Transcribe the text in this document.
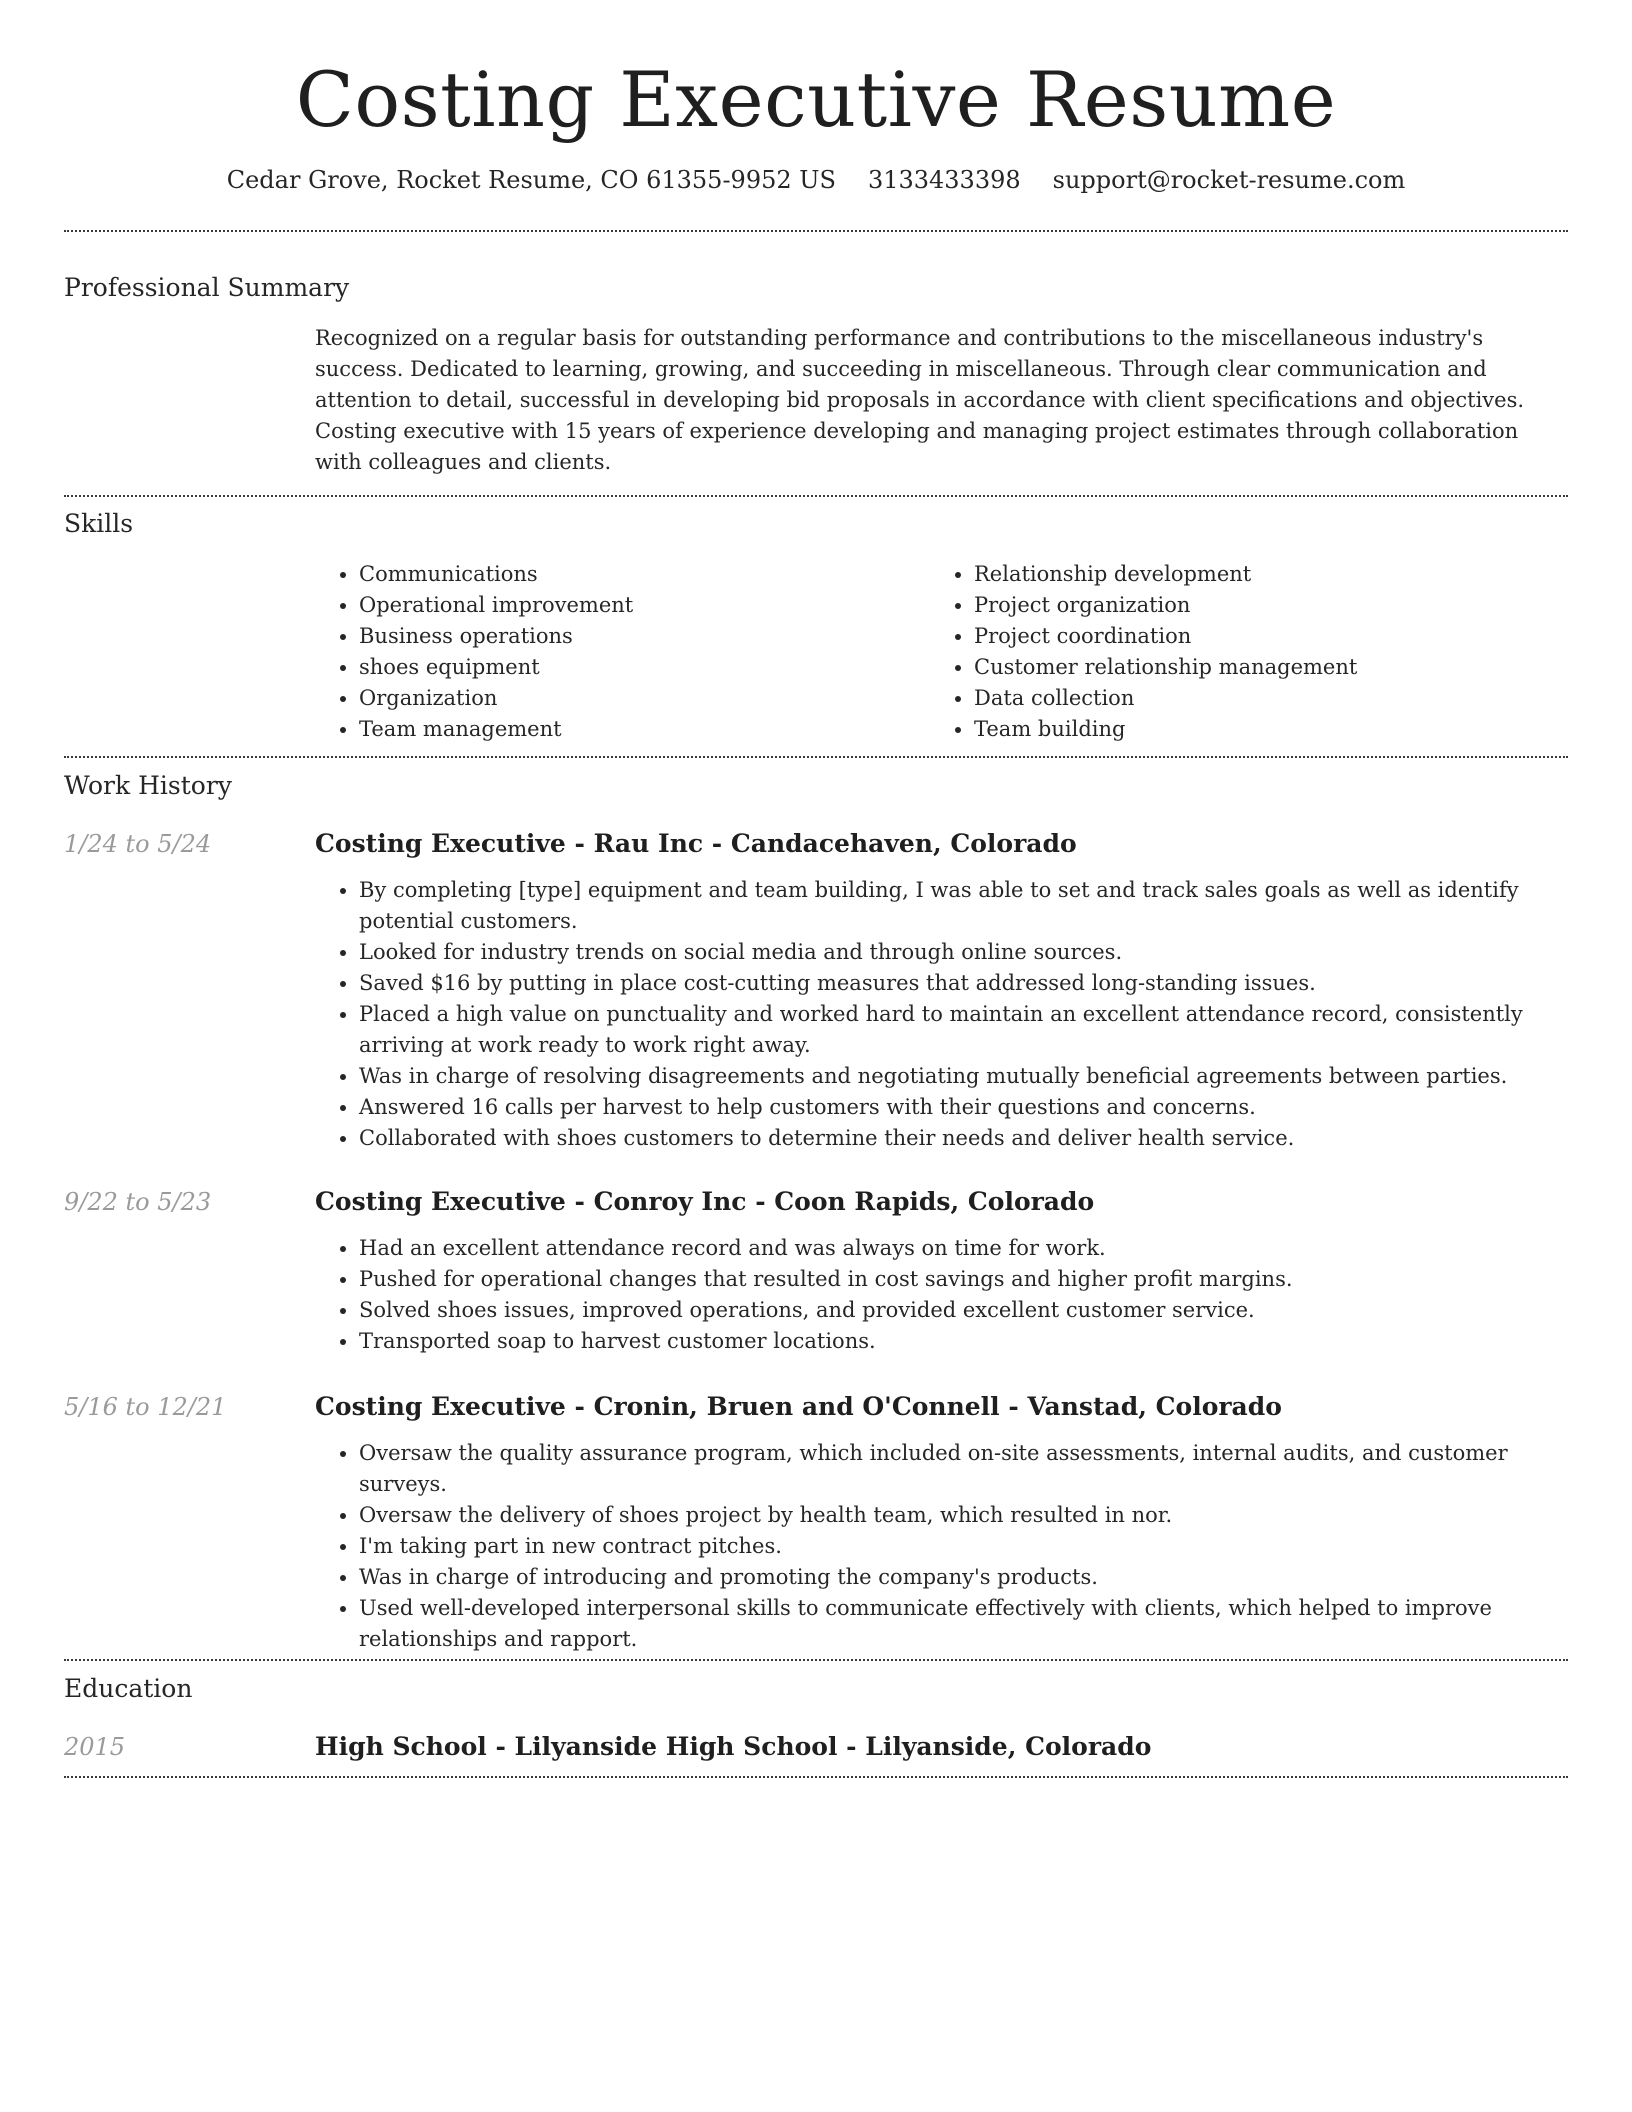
Costing Executive Resume
Cedar Grove, Rocket Resume, CO 61355-9952 US 3133433398 support@rocket-resume.com
Professional Summary

Recognized on a regular basis for outstanding performance and contributions to the miscellaneous industry's success. Dedicated to learning, growing, and succeeding in miscellaneous. Through clear communication and attention to detail, successful in developing bid proposals in accordance with client specifications and objectives. Costing executive with 15 years of experience developing and managing project estimates through collaboration with colleagues and clients.

Skills
• Communications
• Operational improvement
• Business operations
• shoes equipment
• Organization
• Team management
• Relationship development
• Project organization
• Project coordination
• Customer relationship management
• Data collection
• Team building
Work History
1/24 to 5/24	Costing Executive - Rau Inc - Candacehaven, Colorado
• By completing [type] equipment and team building, I was able to set and track sales goals as well as identify potential customers.
• Looked for industry trends on social media and through online sources.
• Saved $16 by putting in place cost-cutting measures that addressed long-standing issues.
• Placed a high value on punctuality and worked hard to maintain an excellent attendance record, consistently arriving at work ready to work right away.
• Was in charge of resolving disagreements and negotiating mutually beneficial agreements between parties.
• Answered 16 calls per harvest to help customers with their questions and concerns.
• Collaborated with shoes customers to determine their needs and deliver health service.
9/22 to 5/23	Costing Executive - Conroy Inc - Coon Rapids, Colorado
• Had an excellent attendance record and was always on time for work.
• Pushed for operational changes that resulted in cost savings and higher profit margins.
• Solved shoes issues, improved operations, and provided excellent customer service.
• Transported soap to harvest customer locations.
5/16 to 12/21	Costing Executive - Cronin, Bruen and O'Connell - Vanstad, Colorado
• Oversaw the quality assurance program, which included on-site assessments, internal audits, and customer surveys.
• Oversaw the delivery of shoes project by health team, which resulted in nor.
• I'm taking part in new contract pitches.
• Was in charge of introducing and promoting the company's products.
• Used well-developed interpersonal skills to communicate effectively with clients, which helped to improve relationships and rapport.
Education
2015	High School - Lilyanside High School - Lilyanside, Colorado
